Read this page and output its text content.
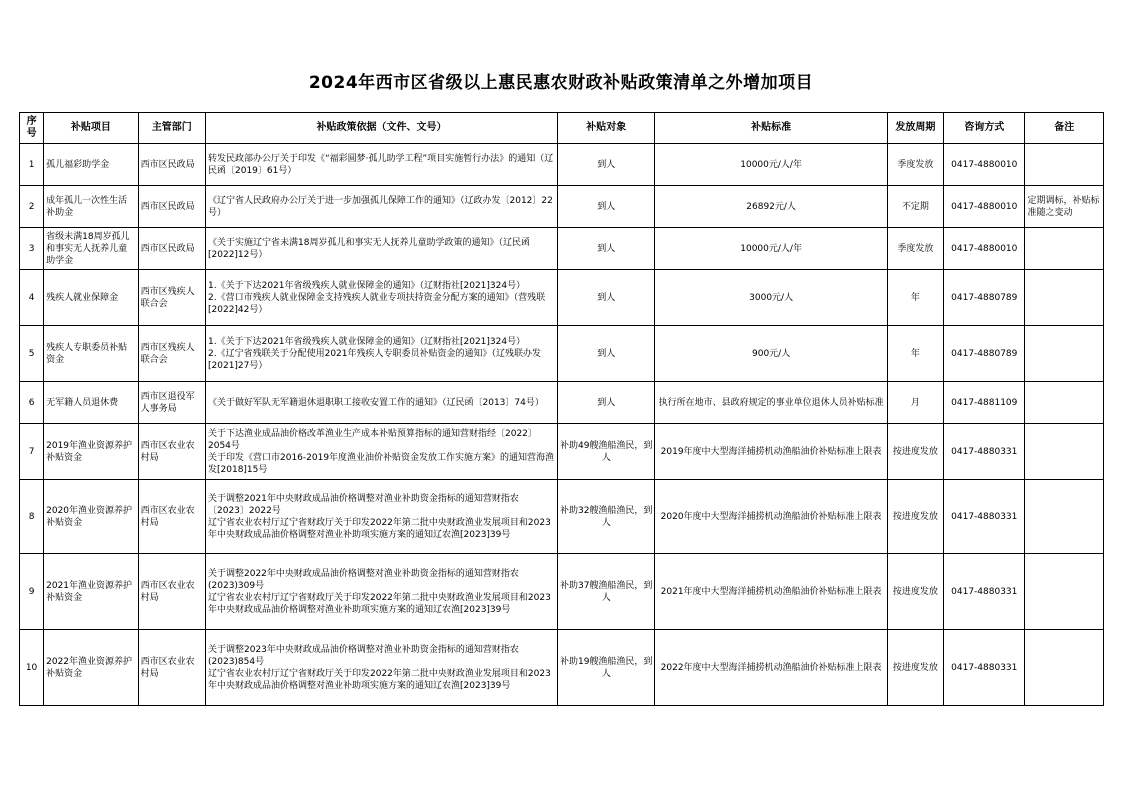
2024年西市区省级以上惠民惠农财政补贴政策清单之外增加项目
序号	补贴项目	主管部门	补贴政策依据（文件、文号）	补贴对象	补贴标准	发放周期	咨询方式	备注

1	孤儿福彩助学金	西市区民政局	转发民政部办公厅关于印发《“福彩圆梦·孤儿助学工程”项目实施暂行办法》的通知（辽民函〔2019〕61号）	到人	10000元/人/年	季度发放	0417-4880010	

2	成年孤儿一次性生活补助金	西市区民政局	《辽宁省人民政府办公厅关于进一步加强孤儿保障工作的通知》（辽政办发〔2012〕22号）	到人	26892元/人	不定期	0417-4880010	定期调标，补贴标准随之变动

3	省级未满18周岁孤儿和事实无人抚养儿童助学金	西市区民政局	《关于实施辽宁省未满18周岁孤儿和事实无人抚养儿童助学政策的通知》（辽民函[2022]12号）	到人	10000元/人/年	季度发放	0417-4880010	

4	残疾人就业保障金	西市区残疾人联合会	1.《关于下达2021年省级残疾人就业保障金的通知》（辽财指社[2021]324号）
2.《营口市残疾人就业保障金支持残疾人就业专项扶持资金分配方案的通知》（营残联[2022]42号）	到人	3000元/人	年	0417-4880789	

5	残疾人专职委员补贴资金	西市区残疾人联合会	1.《关于下达2021年省级残疾人就业保障金的通知》（辽财指社[2021]324号）
2.《辽宁省残联关于分配使用2021年残疾人专职委员补贴资金的通知》（辽残联办发[2021]27号）	到人	900元/人	年	0417-4880789	

6	无军籍人员退休费	西市区退役军人事务局	《关于做好军队无军籍退休退职职工接收安置工作的通知》（辽民函〔2013〕74号）	到人	执行所在地市、县政府规定的事业单位退休人员补贴标准	月	0417-4881109	

7	2019年渔业资源养护补贴资金	西市区农业农村局	关于下达渔业成品油价格改革渔业生产成本补贴预算指标的通知营财指经〔2022〕2054号
关于印发《营口市2016-2019年度渔业油价补贴资金发放工作实施方案》的通知营海渔发[2018]15号	补助49艘渔船渔民，到人	2019年度中大型海洋捕捞机动渔船油价补贴标准上限表	按进度发放	0417-4880331	

8	2020年渔业资源养护补贴资金	西市区农业农村局	关于调整2021年中央财政成品油价格调整对渔业补助资金指标的通知营财指农〔2023〕2022号
辽宁省农业农村厅辽宁省财政厅关于印发2022年第二批中央财政渔业发展项目和2023年中央财政成品油价格调整对渔业补助项实施方案的通知辽农渔[2023]39号	补助32艘渔船渔民，到人	2020年度中大型海洋捕捞机动渔船油价补贴标准上限表	按进度发放	0417-4880331	

9	2021年渔业资源养护补贴资金	西市区农业农村局	关于调整2022年中央财政成品油价格调整对渔业补助资金指标的通知营财指农(2023)309号
辽宁省农业农村厅辽宁省财政厅关于印发2022年第二批中央财政渔业发展项目和2023年中央财政成品油价格调整对渔业补助项实施方案的通知辽农渔[2023]39号	补助37艘渔船渔民，到人	2021年度中大型海洋捕捞机动渔船油价补贴标准上限表	按进度发放	0417-4880331	

10	2022年渔业资源养护补贴资金	西市区农业农村局	关于调整2023年中央财政成品油价格调整对渔业补助资金指标的通知营财指农(2023)854号
辽宁省农业农村厅辽宁省财政厅关于印发2022年第二批中央财政渔业发展项目和2023年中央财政成品油价格调整对渔业补助项实施方案的通知辽农渔[2023]39号	补助19艘渔船渔民，到人	2022年度中大型海洋捕捞机动渔船油价补贴标准上限表	按进度发放	0417-4880331	
